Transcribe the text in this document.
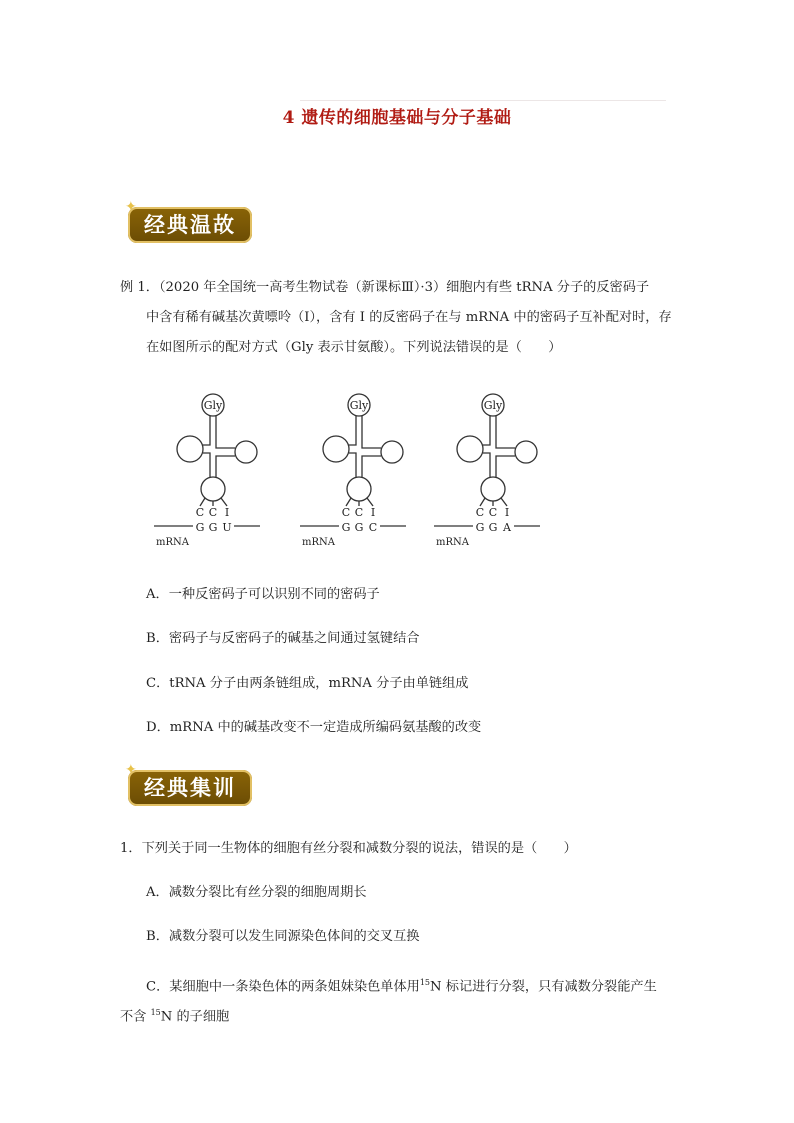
4 遗传的细胞基础与分子基础
✦
经典温故
例 1．（2020 年全国统一高考生物试卷（新课标Ⅲ）·3）细胞内有些 tRNA 分子的反密码子
中含有稀有碱基次黄嘌呤（I），含有 I 的反密码子在与 mRNA 中的密码子互补配对时，存
在如图所示的配对方式（Gly 表示甘氨酸）。下列说法错误的是（　　）
Gly
C C I
G G U
mRNA
Gly
C C I
G G C
mRNA
Gly
C C I
G G A
mRNA
A．一种反密码子可以识别不同的密码子
B．密码子与反密码子的碱基之间通过氢键结合
C．tRNA 分子由两条链组成，mRNA 分子由单链组成
D．mRNA 中的碱基改变不一定造成所编码氨基酸的改变
✦
经典集训
1．下列关于同一生物体的细胞有丝分裂和减数分裂的说法，错误的是（　　）
A．减数分裂比有丝分裂的细胞周期长
B．减数分裂可以发生同源染色体间的交叉互换
C．某细胞中一条染色体的两条姐妹染色单体用$^{15}$N 标记进行分裂，只有减数分裂能产生
不含 $^{15}$N 的子细胞
